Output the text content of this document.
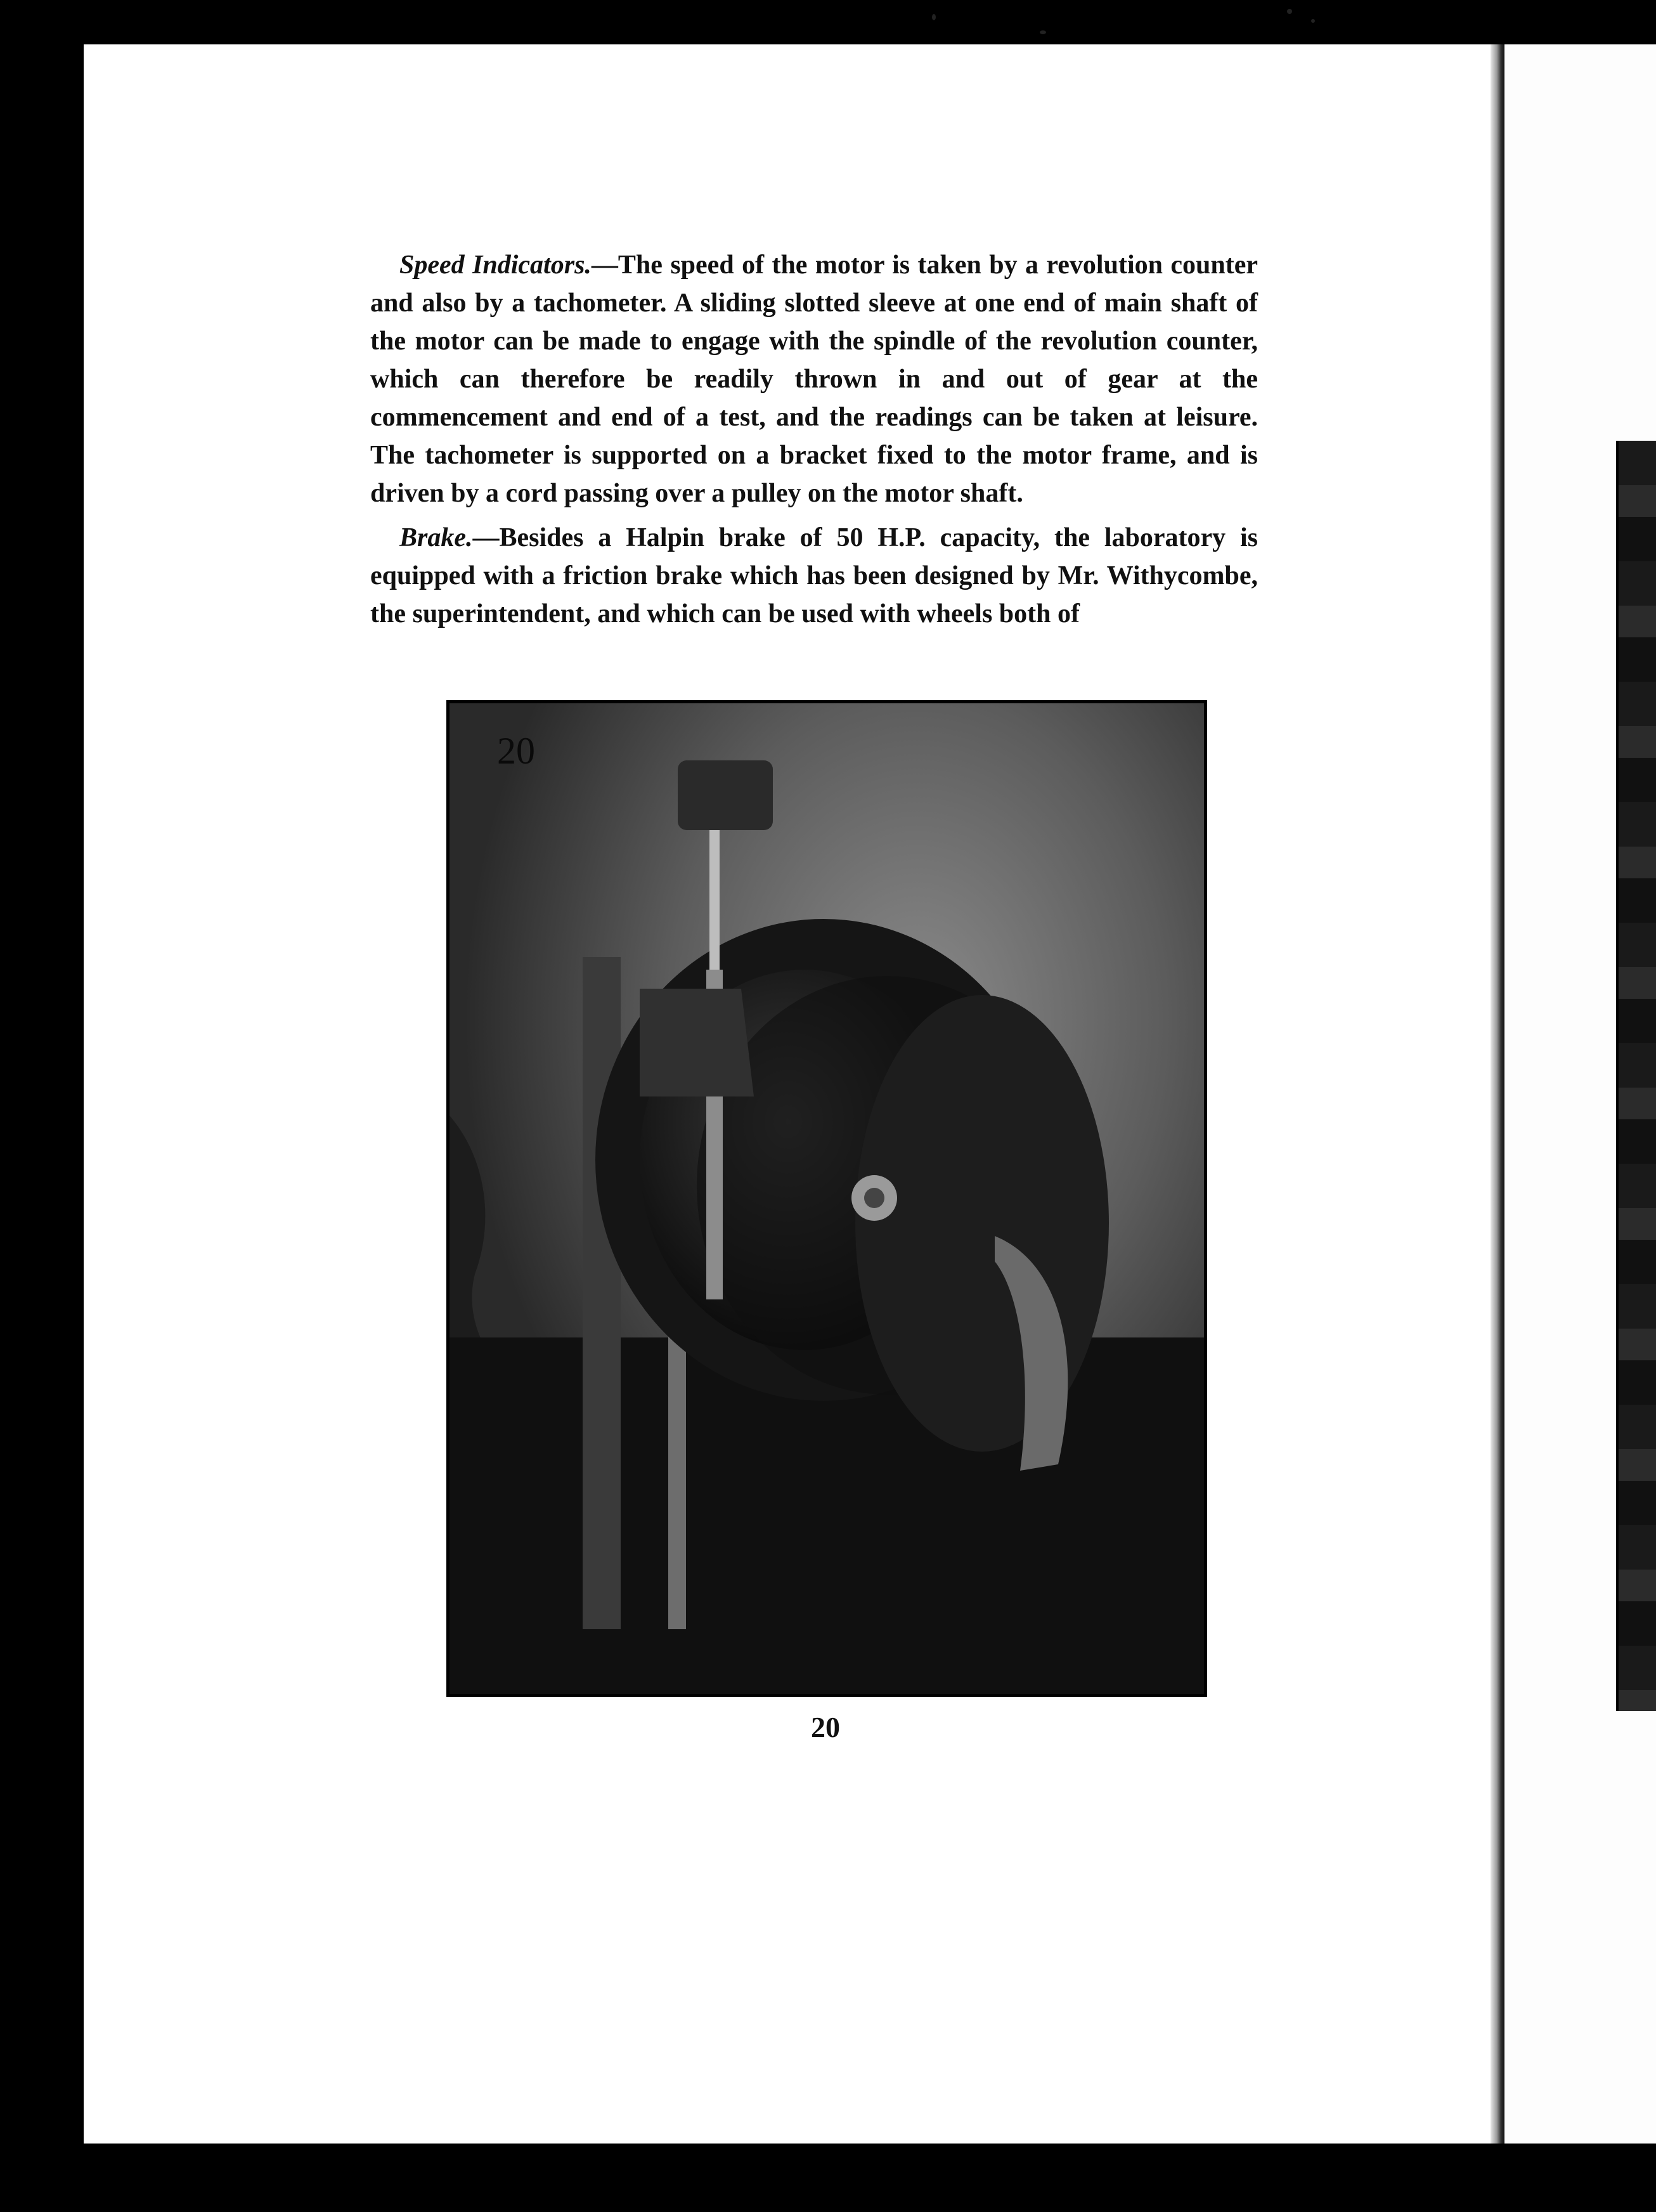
Speed Indicators.—The speed of the motor is taken by a revolution counter and also by a tachometer. A sliding slotted sleeve at one end of main shaft of the motor can be made to engage with the spindle of the revolution counter, which can therefore be readily thrown in and out of gear at the commencement and end of a test, and the readings can be taken at leisure. The tachometer is supported on a bracket fixed to the motor frame, and is driven by a cord passing over a pulley on the motor shaft.

Brake.—Besides a Halpin brake of 50 H.P. capacity, the laboratory is equipped with a friction brake which has been designed by Mr. Withycombe, the superintendent, and which can be used with wheels both of

20
20
